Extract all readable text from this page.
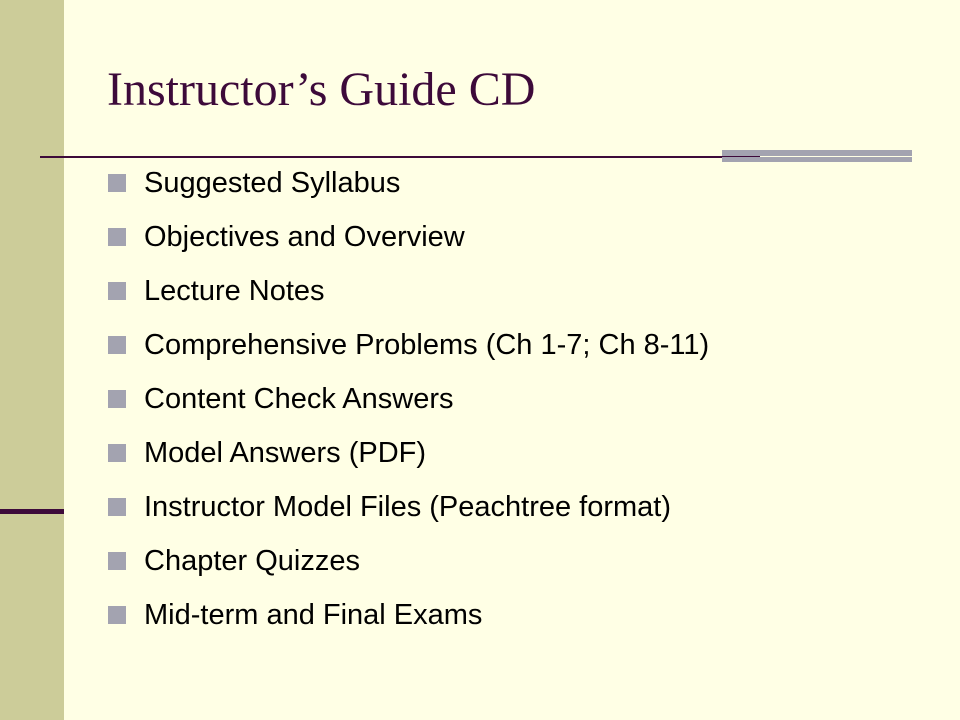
Instructor’s Guide CD
Suggested Syllabus
Objectives and Overview
Lecture Notes
Comprehensive Problems (Ch 1-7; Ch 8-11)
Content Check Answers
Model Answers (PDF)
Instructor Model Files (Peachtree format)
Chapter Quizzes
Mid-term and Final Exams
